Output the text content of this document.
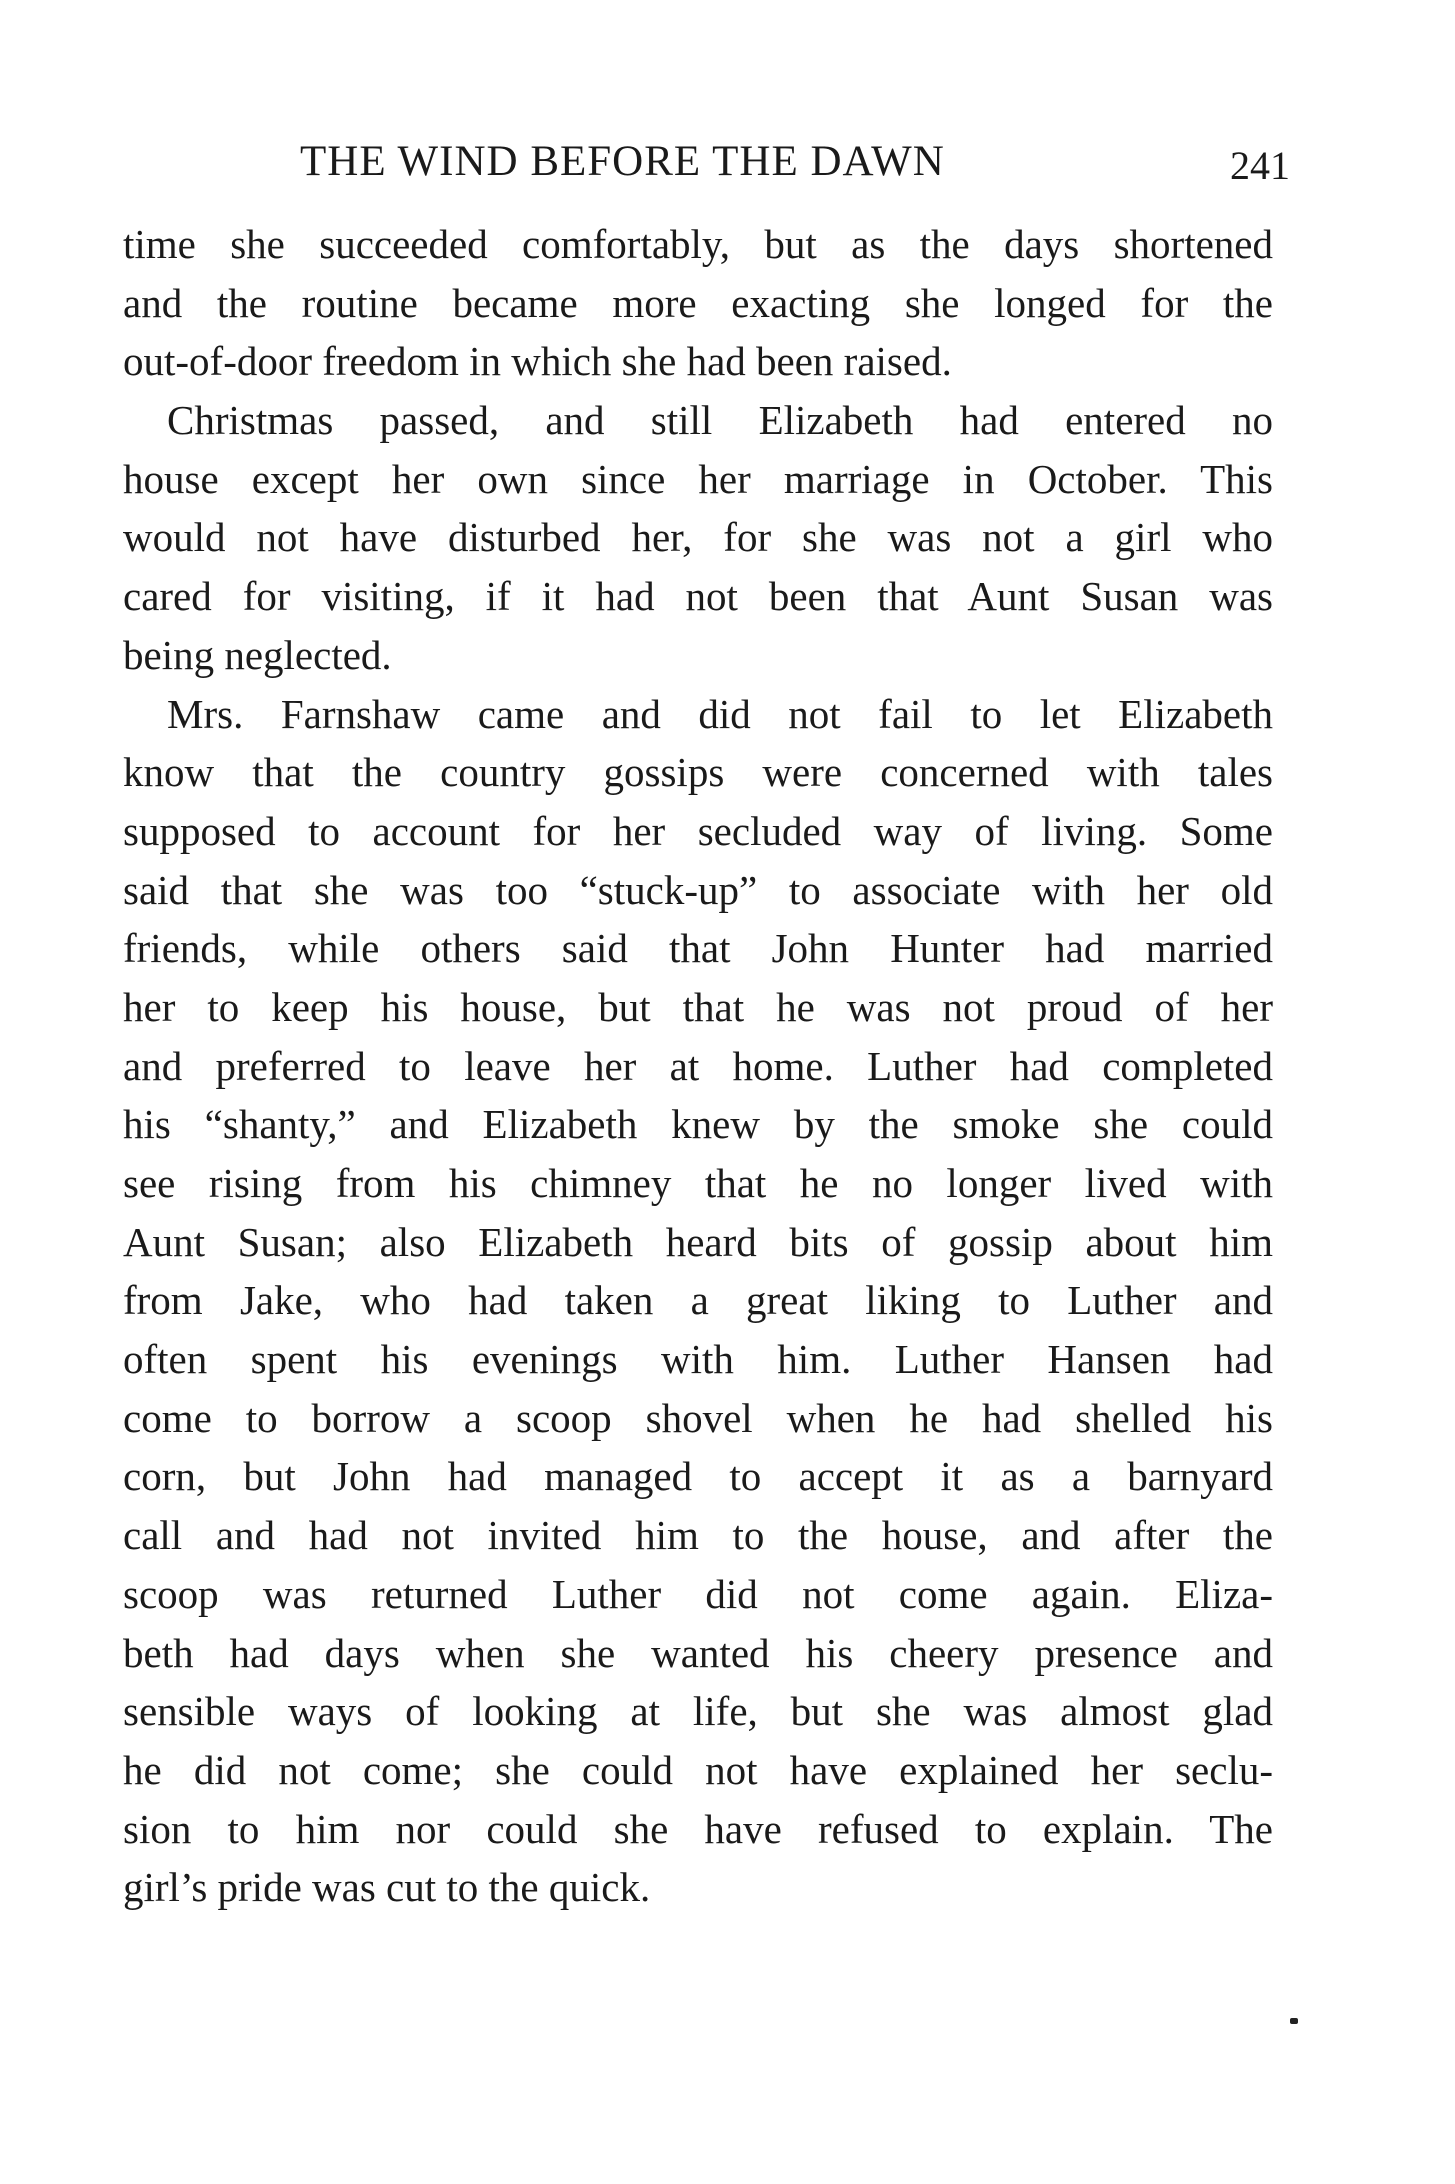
THE WIND BEFORE THE DAWN	241
time she succeeded comfortably, but as the days shortened
and the routine became more exacting she longed for the
out-of-door freedom in which she had been raised.
Christmas passed, and still Elizabeth had entered no
house except her own since her marriage in October. This
would not have disturbed her, for she was not a girl who
cared for visiting, if it had not been that Aunt Susan was
being neglected.
Mrs. Farnshaw came and did not fail to let Elizabeth
know that the country gossips were concerned with tales
supposed to account for her secluded way of living. Some
said that she was too “stuck-up” to associate with her old
friends, while others said that John Hunter had married
her to keep his house, but that he was not proud of her
and preferred to leave her at home. Luther had completed
his “shanty,” and Elizabeth knew by the smoke she could
see rising from his chimney that he no longer lived with
Aunt Susan; also Elizabeth heard bits of gossip about him
from Jake, who had taken a great liking to Luther and
often spent his evenings with him. Luther Hansen had
come to borrow a scoop shovel when he had shelled his
corn, but John had managed to accept it as a barnyard
call and had not invited him to the house, and after the
scoop was returned Luther did not come again. Eliza-
beth had days when she wanted his cheery presence and
sensible ways of looking at life, but she was almost glad
he did not come; she could not have explained her seclu-
sion to him nor could she have refused to explain. The
girl’s pride was cut to the quick.
